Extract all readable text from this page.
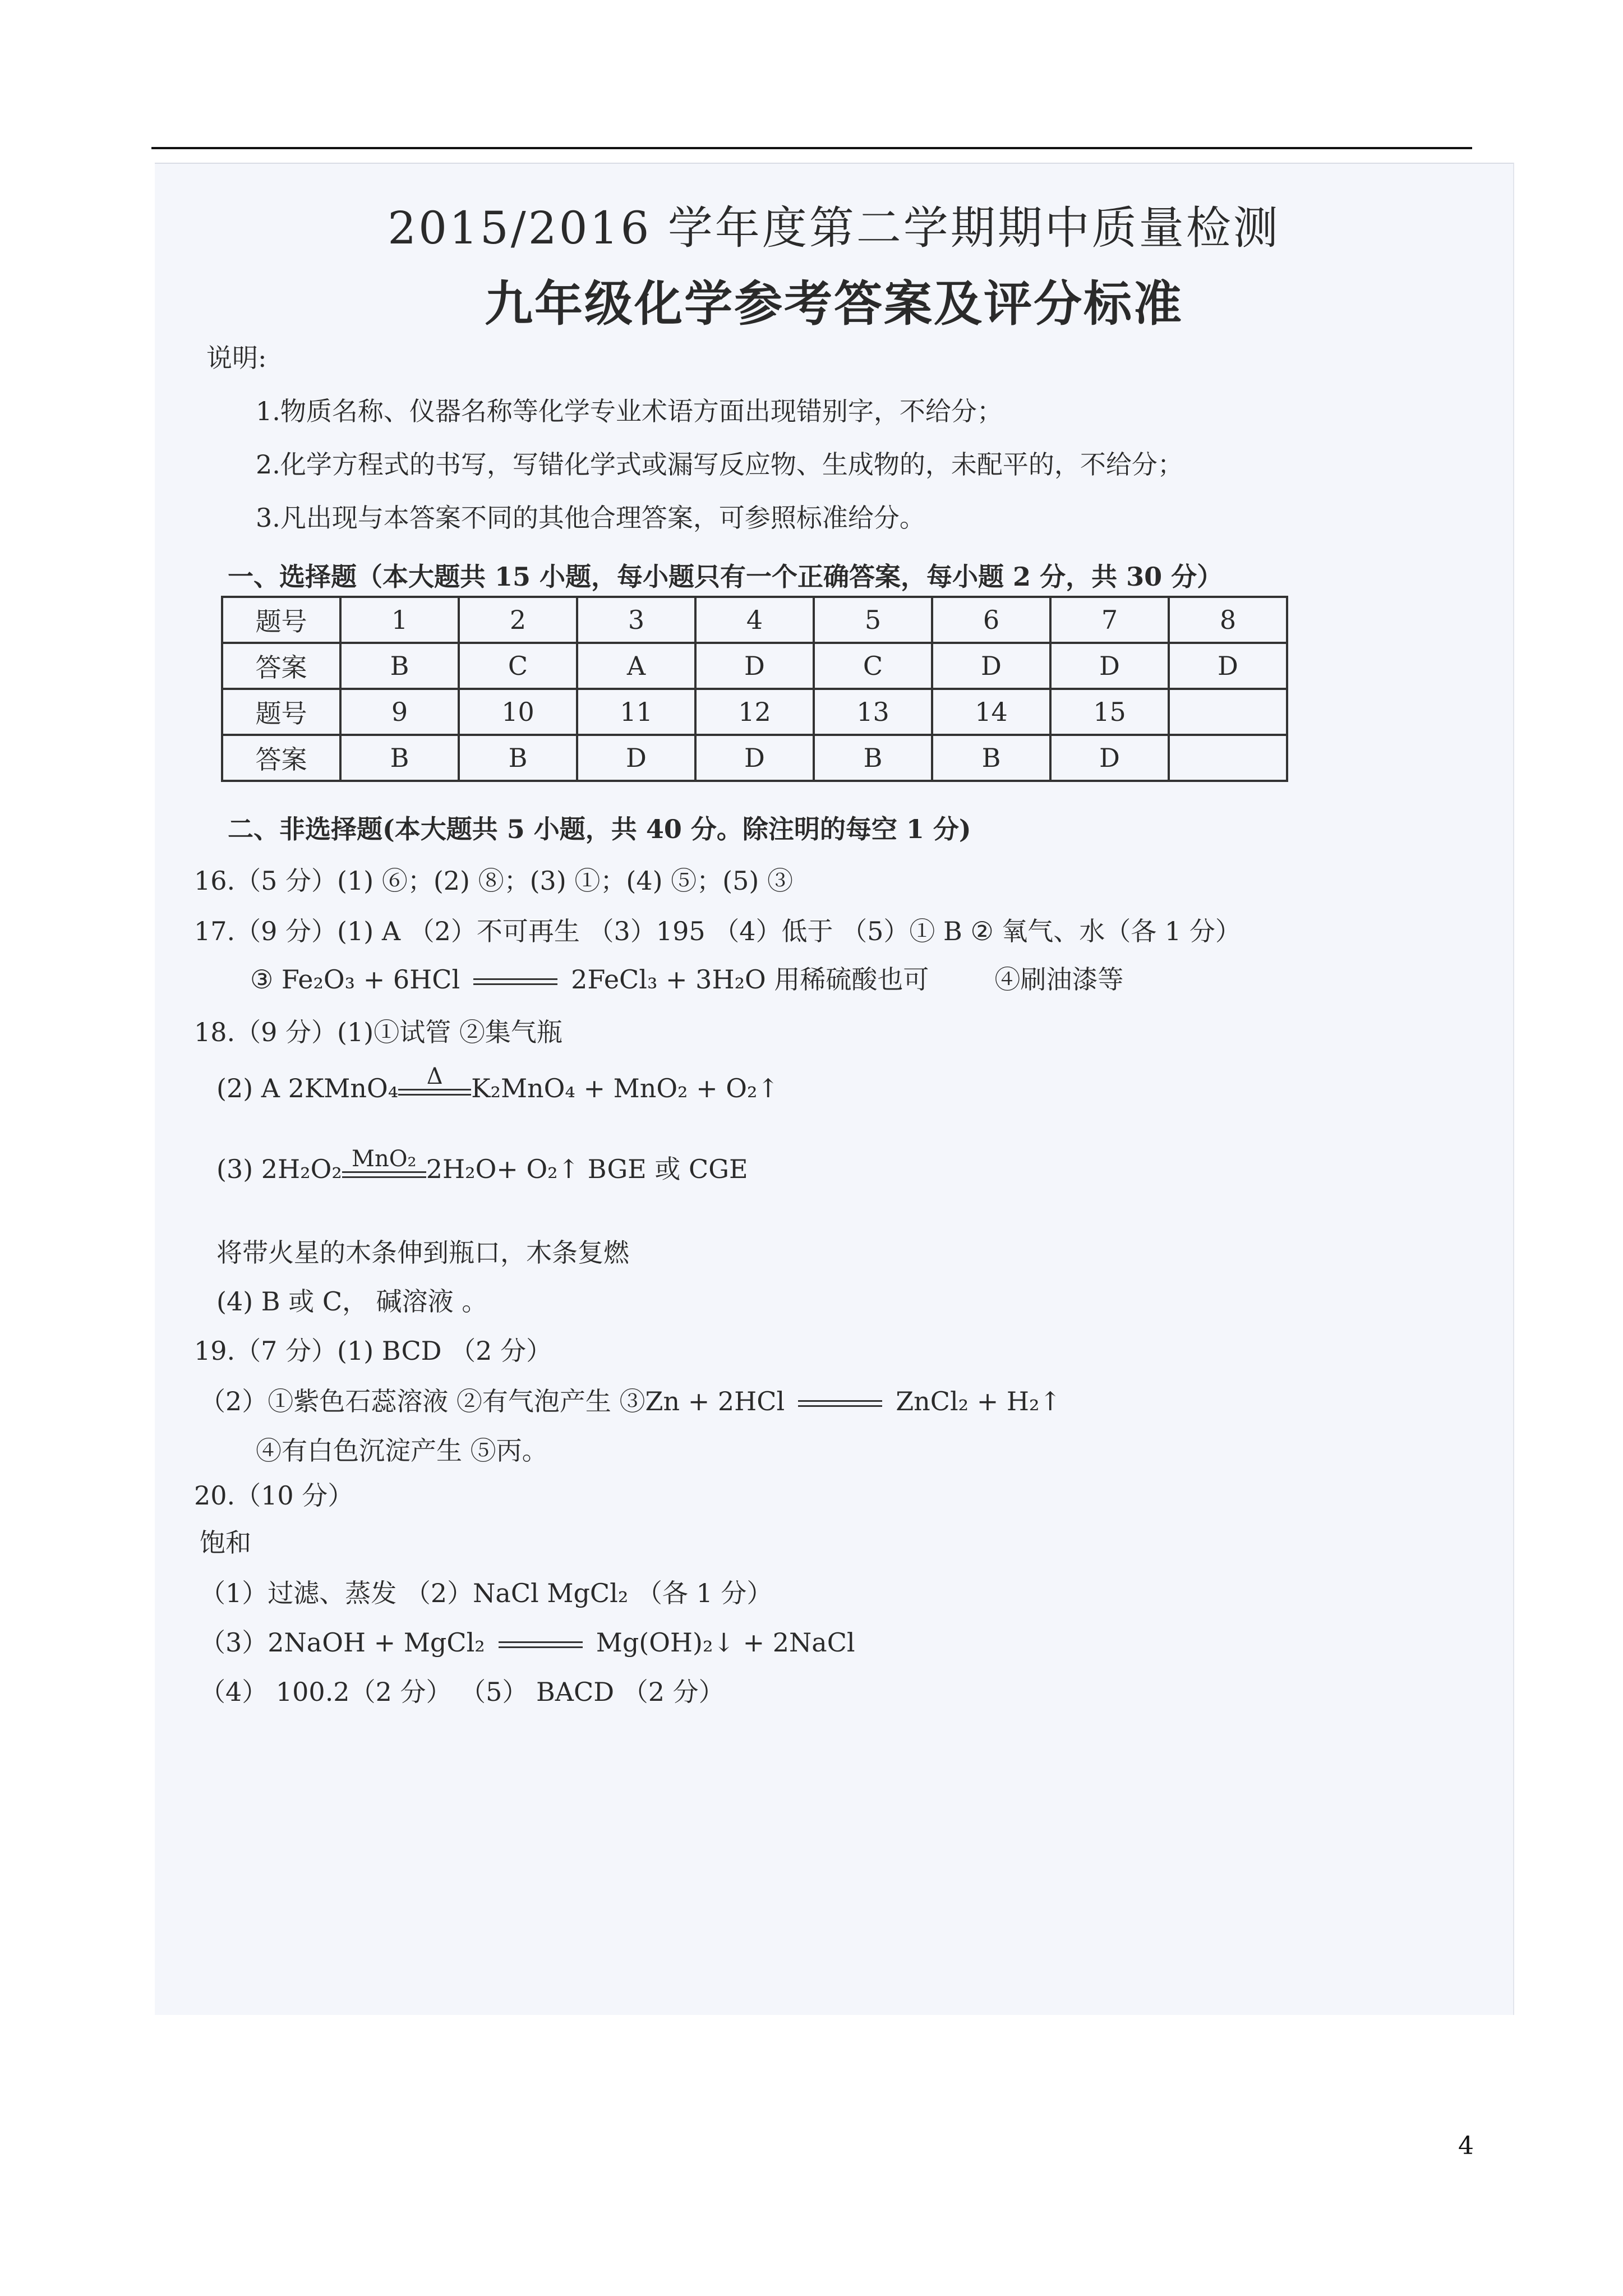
2015/2016 学年度第二学期期中质量检测
九年级化学参考答案及评分标准
说明:
1.物质名称、仪器名称等化学专业术语方面出现错别字，不给分；
2.化学方程式的书写，写错化学式或漏写反应物、生成物的，未配平的，不给分；
3.凡出现与本答案不同的其他合理答案，可参照标准给分。
一、选择题（本大题共 15 小题，每小题只有一个正确答案，每小题 2 分，共 30 分）
题号	1	2	3	4	5	6	7	8
答案	B	C	A	D	C	D	D	D
题号	9	10	11	12	13	14	15	
答案	B	B	D	D	B	B	D	
二、非选择题(本大题共 5 小题，共 40 分。除注明的每空 1 分)
16.（5 分）(1) ⑥；(2) ⑧；(3) ①；(4) ⑤；(5) ③
17.（9 分）(1) A （2）不可再生 （3）195 （4）低于 （5）① B ② 氧气、水（各 1 分）
③ Fe₂O₃ + 6HCl	2FeCl₃ + 3H₂O 用稀硫酸也可	④刷油漆等
18.（9 分）(1)①试管 ②集气瓶
(2) A 2KMnO₄	Δ	K₂MnO₄ + MnO₂ + O₂↑
(3) 2H₂O₂ MnO₂ 2H₂O+ O₂↑ BGE 或 CGE
将带火星的木条伸到瓶口，木条复燃
(4) B 或 C， 碱溶液 。
19.（7 分）(1) BCD （2 分）
（2）①紫色石蕊溶液 ②有气泡产生 ③Zn + 2HCl	ZnCl₂ + H₂↑
④有白色沉淀产生 ⑤丙。
20.（10 分）
饱和
（1）过滤、蒸发 （2）NaCl MgCl₂ （各 1 分）
（3）2NaOH + MgCl₂	Mg(OH)₂↓ + 2NaCl
（4） 100.2（2 分） （5） BACD （2 分）
4
